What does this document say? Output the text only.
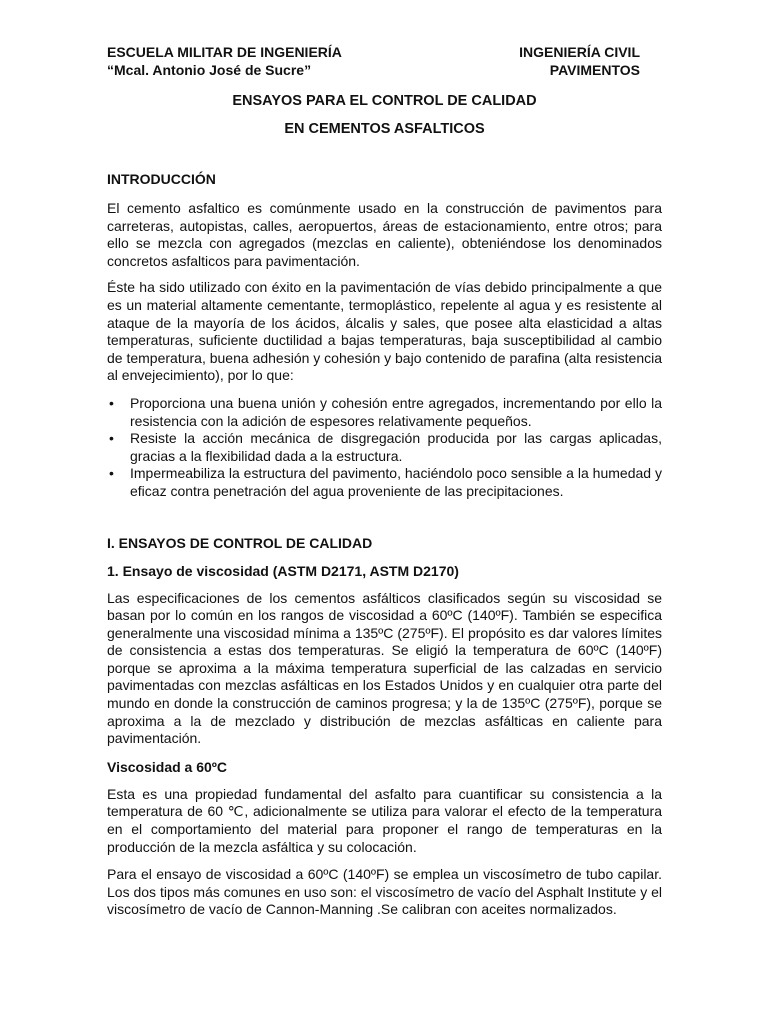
ESCUELA MILITAR DE INGENIERÍA
“Mcal. Antonio José de Sucre”
INGENIERÍA CIVIL
PAVIMENTOS
ENSAYOS PARA EL CONTROL DE CALIDAD
EN CEMENTOS ASFALTICOS
INTRODUCCIÓN

El cemento asfaltico es comúnmente usado en la construcción de pavimentos para carreteras, autopistas, calles, aeropuertos, áreas de estacionamiento, entre otros; para ello se mezcla con agregados (mezclas en caliente), obteniéndose los denominados concretos asfalticos para pavimentación.

Éste ha sido utilizado con éxito en la pavimentación de vías debido principalmente a que es un material altamente cementante, termoplástico, repelente al agua y es resistente al ataque de la mayoría de los ácidos, álcalis y sales, que posee alta elasticidad a altas temperaturas, suficiente ductilidad a bajas temperaturas, baja susceptibilidad al cambio de temperatura, buena adhesión y cohesión y bajo contenido de parafina (alta resistencia al envejecimiento), por lo que:

• Proporciona una buena unión y cohesión entre agregados, incrementando por ello la resistencia con la adición de espesores relativamente pequeños.
• Resiste la acción mecánica de disgregación producida por las cargas aplicadas, gracias a la flexibilidad dada a la estructura.
• Impermeabiliza la estructura del pavimento, haciéndolo poco sensible a la humedad y eficaz contra penetración del agua proveniente de las precipitaciones.
I. ENSAYOS DE CONTROL DE CALIDAD
1. Ensayo de viscosidad (ASTM D2171, ASTM D2170)

Las especificaciones de los cementos asfálticos clasificados según su viscosidad se basan por lo común en los rangos de viscosidad a 60ºC (140ºF). También se especifica generalmente una viscosidad mínima a 135ºC (275ºF). El propósito es dar valores límites de consistencia a estas dos temperaturas. Se eligió la temperatura de 60ºC (140ºF) porque se aproxima a la máxima temperatura superficial de las calzadas en servicio pavimentadas con mezclas asfálticas en los Estados Unidos y en cualquier otra parte del mundo en donde la construcción de caminos progresa; y la de 135ºC (275ºF), porque se aproxima a la de mezclado y distribución de mezclas asfálticas en caliente para pavimentación.

Viscosidad a 60ºC

Esta es una propiedad fundamental del asfalto para cuantificar su consistencia a la temperatura de 60 ℃, adicionalmente se utiliza para valorar el efecto de la temperatura en el comportamiento del material para proponer el rango de temperaturas en la producción de la mezcla asfáltica y su colocación.

Para el ensayo de viscosidad a 60ºC (140ºF) se emplea un viscosímetro de tubo capilar. Los dos tipos más comunes en uso son: el viscosímetro de vacío del Asphalt Institute y el viscosímetro de vacío de Cannon-Manning .Se calibran con aceites normalizados.
